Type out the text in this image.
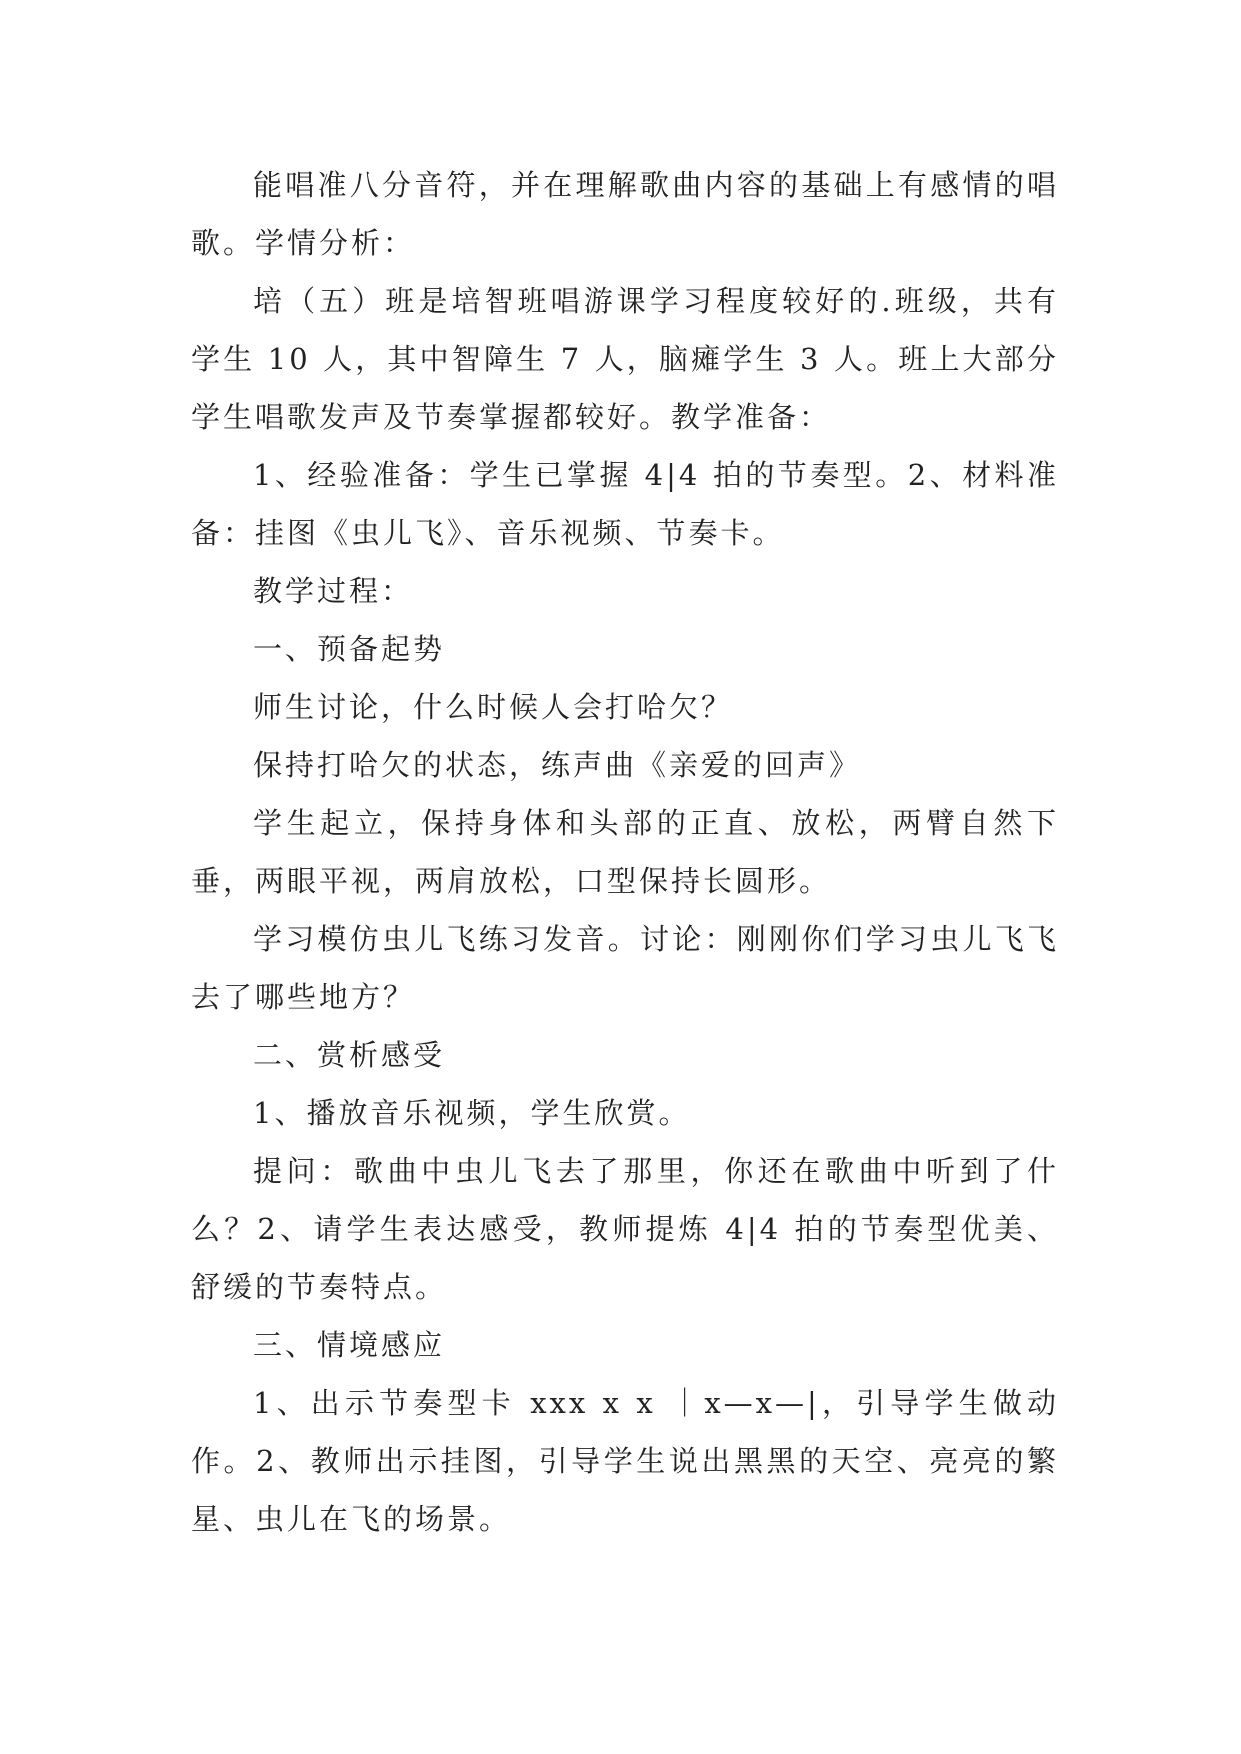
能唱准八分音符，并在理解歌曲内容的基础上有感情的唱歌。学情分析：

培（五）班是培智班唱游课学习程度较好的.班级，共有学生 10 人，其中智障生 7 人，脑瘫学生 3 人。班上大部分学生唱歌发声及节奏掌握都较好。教学准备：

1、经验准备：学生已掌握 4|4 拍的节奏型。2、材料准备：挂图《虫儿飞》、音乐视频、节奏卡。

教学过程：

一、预备起势

师生讨论，什么时候人会打哈欠？

保持打哈欠的状态，练声曲《亲爱的回声》

学生起立，保持身体和头部的正直、放松，两臂自然下垂，两眼平视，两肩放松，口型保持长圆形。

学习模仿虫儿飞练习发音。讨论：刚刚你们学习虫儿飞飞去了哪些地方？

二、赏析感受

1、播放音乐视频，学生欣赏。

提问：歌曲中虫儿飞去了那里，你还在歌曲中听到了什么？2、请学生表达感受，教师提炼 4|4 拍的节奏型优美、舒缓的节奏特点。

三、情境感应

1、出示节奏型卡 xxx x x ｜x—x—|，引导学生做动作。2、教师出示挂图，引导学生说出黑黑的天空、亮亮的繁星、虫儿在飞的场景。
